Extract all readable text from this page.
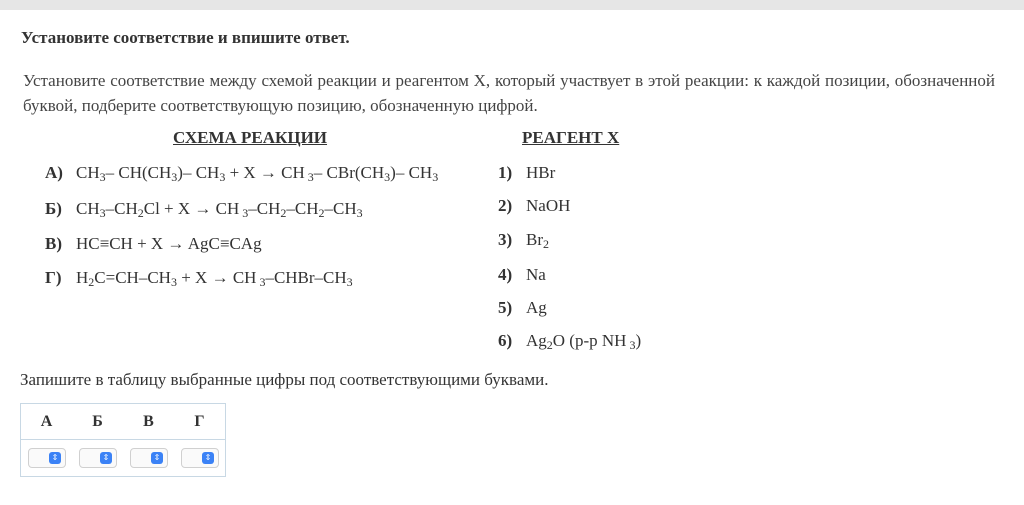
Установите соответствие и впишите ответ.
Установите соответствие между схемой реакции и реагентом X, который участвует в этой реакции: к каждой позиции, обозначенной буквой, подберите соответствующую позицию, обозначенную цифрой.
СХЕМА РЕАКЦИИ	РЕАГЕНТ X
А) $CH_3-$ $CH(CH_3)-$ $CH_3 + X$ → CH $_3$– $CBr(CH_3)-$ $CH_3$
Б) $CH_3-CH_2Cl + X$ → CH $_3-CH_2-CH_2-CH_3$
В) HC≡CH + X → AgC≡CAg
Г) $H_2C=CH-CH_3 + X$ → CH $_3-CHBr-CH_3$
1) HBr
2) NaOH
3) $Br_2$
4) Na
5) Ag
6) $Ag_2O$ (р-р NH $_3$)
Запишите в таблицу выбранные цифры под соответствующими буквами.
А	Б	В	Г
⇕	⇕	⇕	⇕
